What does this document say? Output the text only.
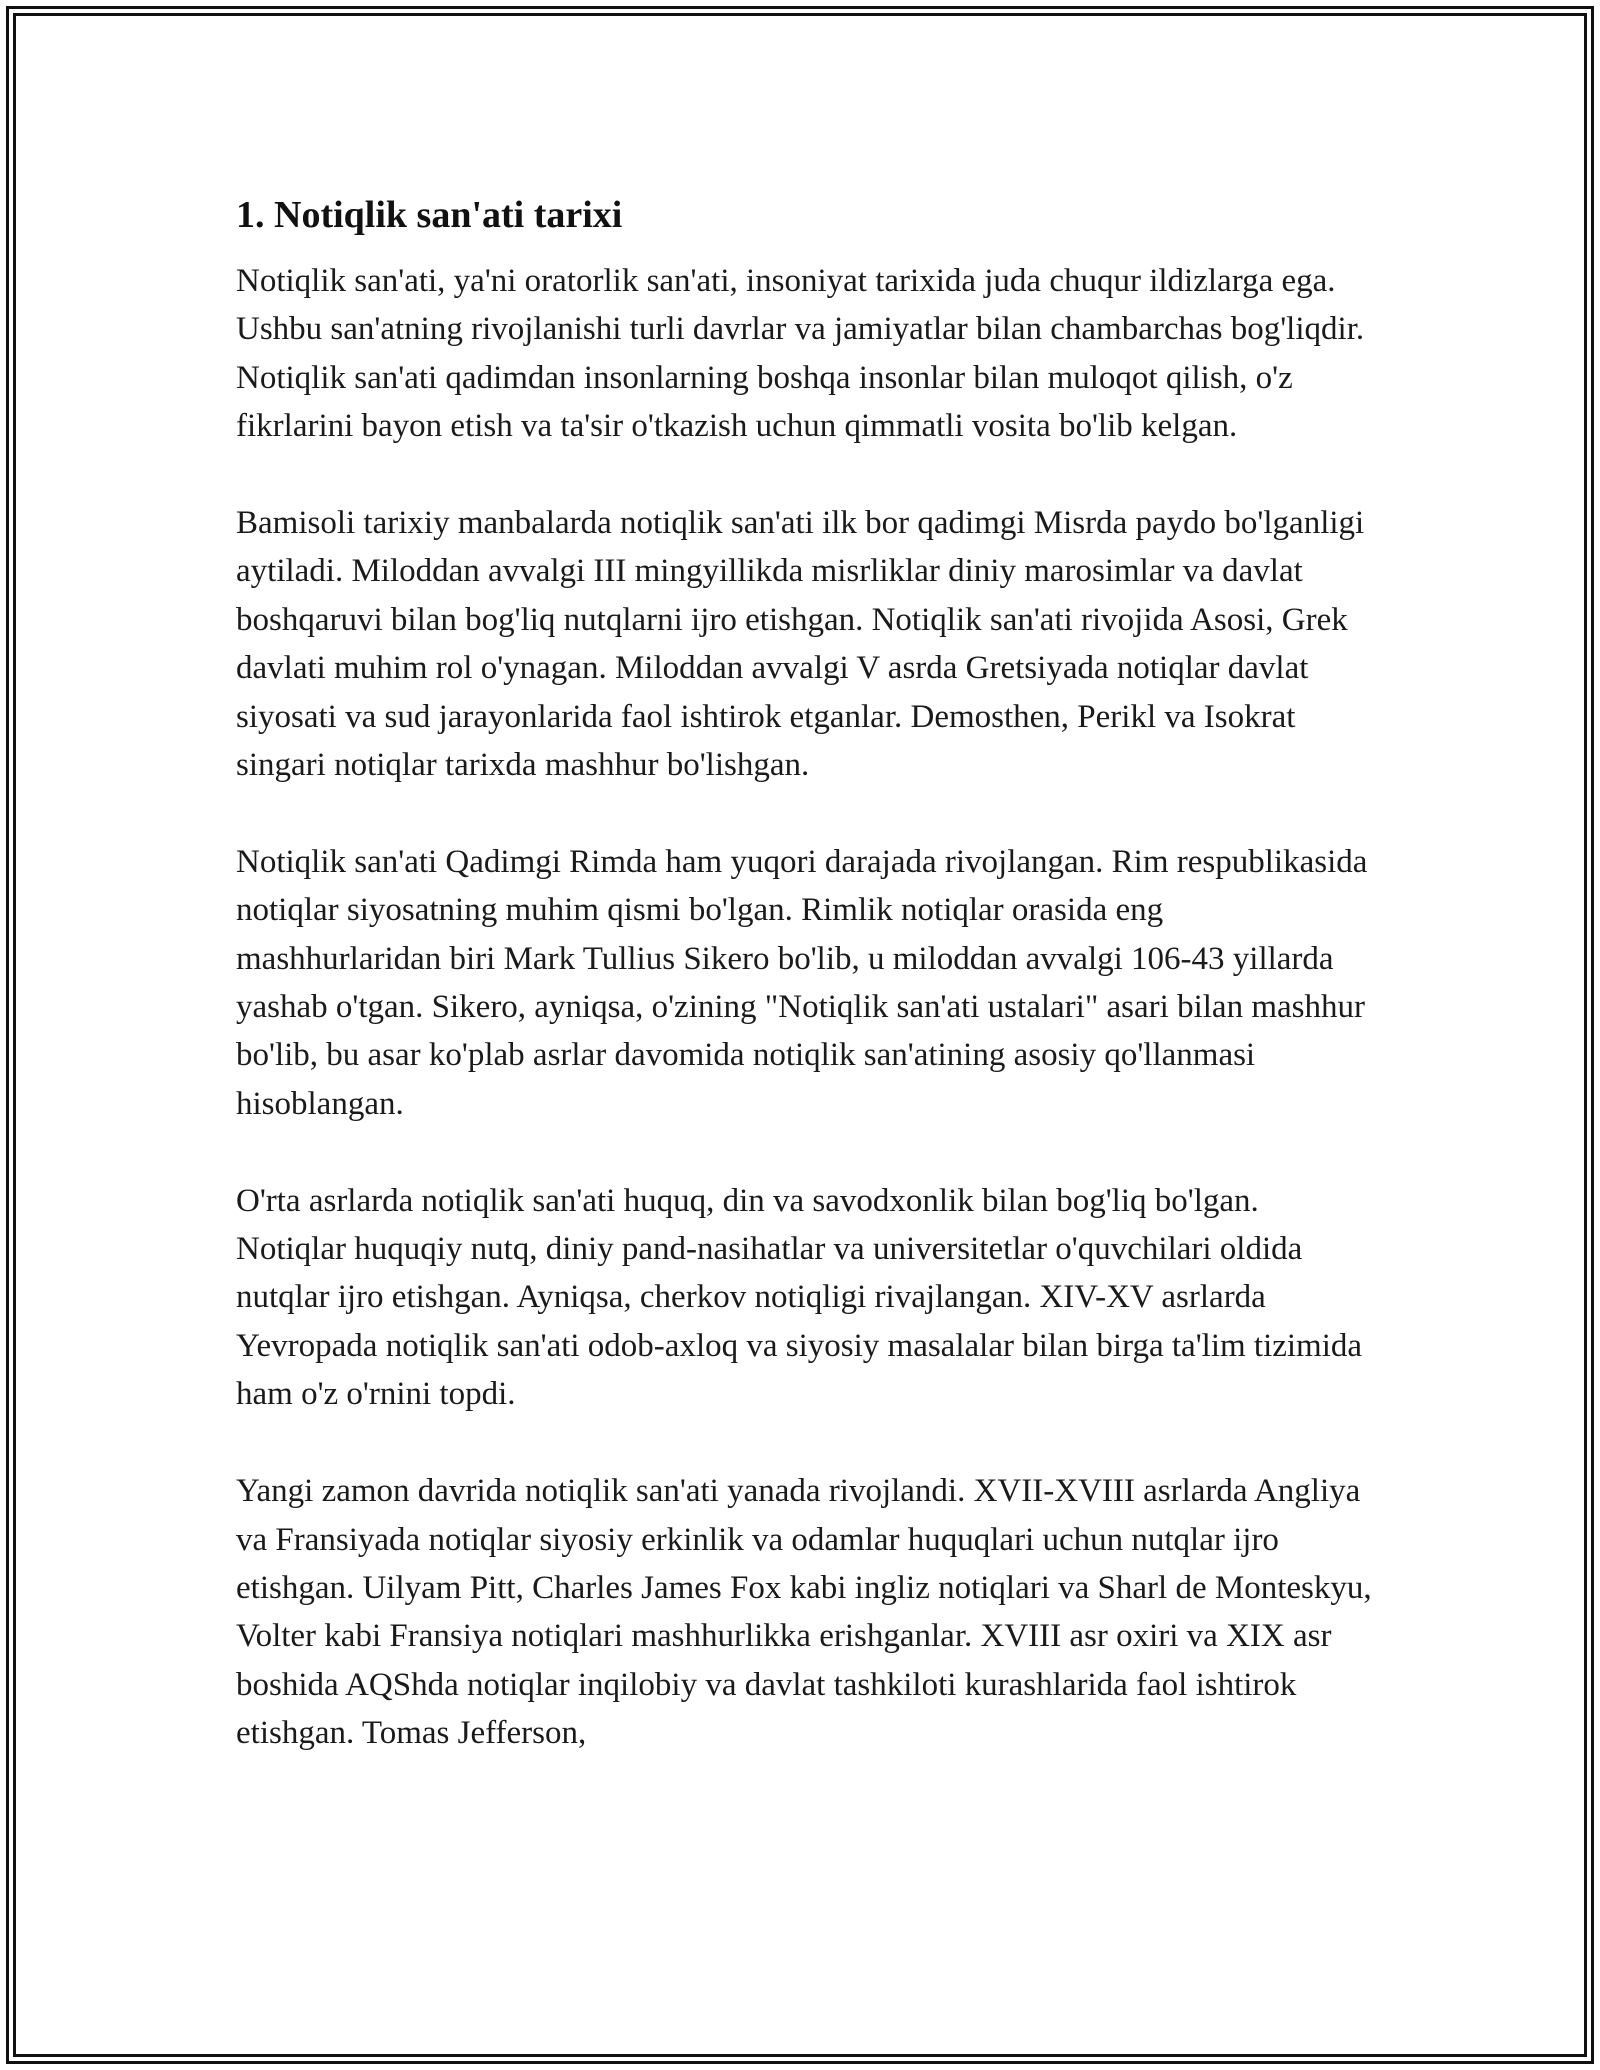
1. Notiqlik san'ati tarixi

Notiqlik san'ati, ya'ni oratorlik san'ati, insoniyat tarixida juda chuqur ildizlarga ega. Ushbu san'atning rivojlanishi turli davrlar va jamiyatlar bilan chambarchas bog'liqdir. Notiqlik san'ati qadimdan insonlarning boshqa insonlar bilan muloqot qilish, o'z fikrlarini bayon etish va ta'sir o'tkazish uchun qimmatli vosita bo'lib kelgan.

Bamisoli tarixiy manbalarda notiqlik san'ati ilk bor qadimgi Misrda paydo bo'lganligi aytiladi. Miloddan avvalgi III mingyillikda misrliklar diniy marosimlar va davlat boshqaruvi bilan bog'liq nutqlarni ijro etishgan. Notiqlik san'ati rivojida Asosi, Grek davlati muhim rol o'ynagan. Miloddan avvalgi V asrda Gretsiyada notiqlar davlat siyosati va sud jarayonlarida faol ishtirok etganlar. Demosthen, Perikl va Isokrat singari notiqlar tarixda mashhur bo'lishgan.

Notiqlik san'ati Qadimgi Rimda ham yuqori darajada rivojlangan. Rim respublikasida notiqlar siyosatning muhim qismi bo'lgan. Rimlik notiqlar orasida eng mashhurlaridan biri Mark Tullius Sikero bo'lib, u miloddan avvalgi 106-43 yillarda yashab o'tgan. Sikero, ayniqsa, o'zining "Notiqlik san'ati ustalari" asari bilan mashhur bo'lib, bu asar ko'plab asrlar davomida notiqlik san'atining asosiy qo'llanmasi hisoblangan.

O'rta asrlarda notiqlik san'ati huquq, din va savodxonlik bilan bog'liq bo'lgan. Notiqlar huquqiy nutq, diniy pand-nasihatlar va universitetlar o'quvchilari oldida nutqlar ijro etishgan. Ayniqsa, cherkov notiqligi rivajlangan. XIV-XV asrlarda Yevropada notiqlik san'ati odob-axloq va siyosiy masalalar bilan birga ta'lim tizimida ham o'z o'rnini topdi.

Yangi zamon davrida notiqlik san'ati yanada rivojlandi. XVII-XVIII asrlarda Angliya va Fransiyada notiqlar siyosiy erkinlik va odamlar huquqlari uchun nutqlar ijro etishgan. Uilyam Pitt, Charles James Fox kabi ingliz notiqlari va Sharl de Monteskyu, Volter kabi Fransiya notiqlari mashhurlikka erishganlar. XVIII asr oxiri va XIX asr boshida AQShda notiqlar inqilobiy va davlat tashkiloti kurashlarida faol ishtirok etishgan. Tomas Jefferson,
